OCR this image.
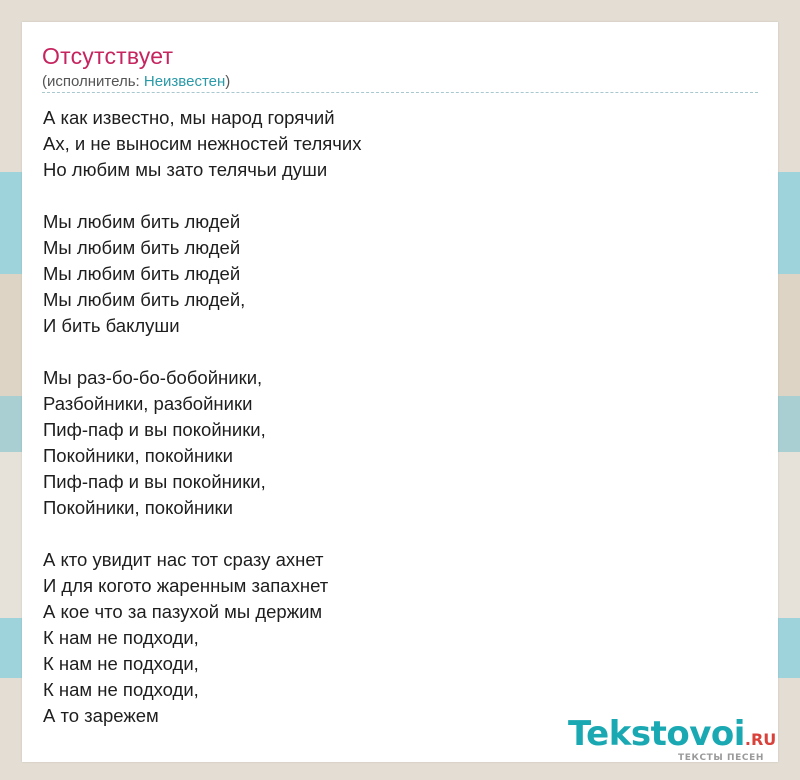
Отсутствует
(исполнитель: Неизвестен)
А как известно, мы народ горячий
Ах, и не выносим нежностей телячих
Но любим мы зато телячьи души
Мы любим бить людей
Мы любим бить людей
Мы любим бить людей
Мы любим бить людей,
И бить баклуши
Мы раз-бо-бо-бобойники,
Разбойники, разбойники
Пиф-паф и вы покойники,
Покойники, покойники
Пиф-паф и вы покойники,
Покойники, покойники
А кто увидит нас тот сразу ахнет
И для когото жаренным запахнет
А кое что за пазухой мы держим
К нам не подходи,
К нам не подходи,
К нам не подходи,
А то зарежем	Tekstovoi.RU
ТЕКСТЫ ПЕСЕН
